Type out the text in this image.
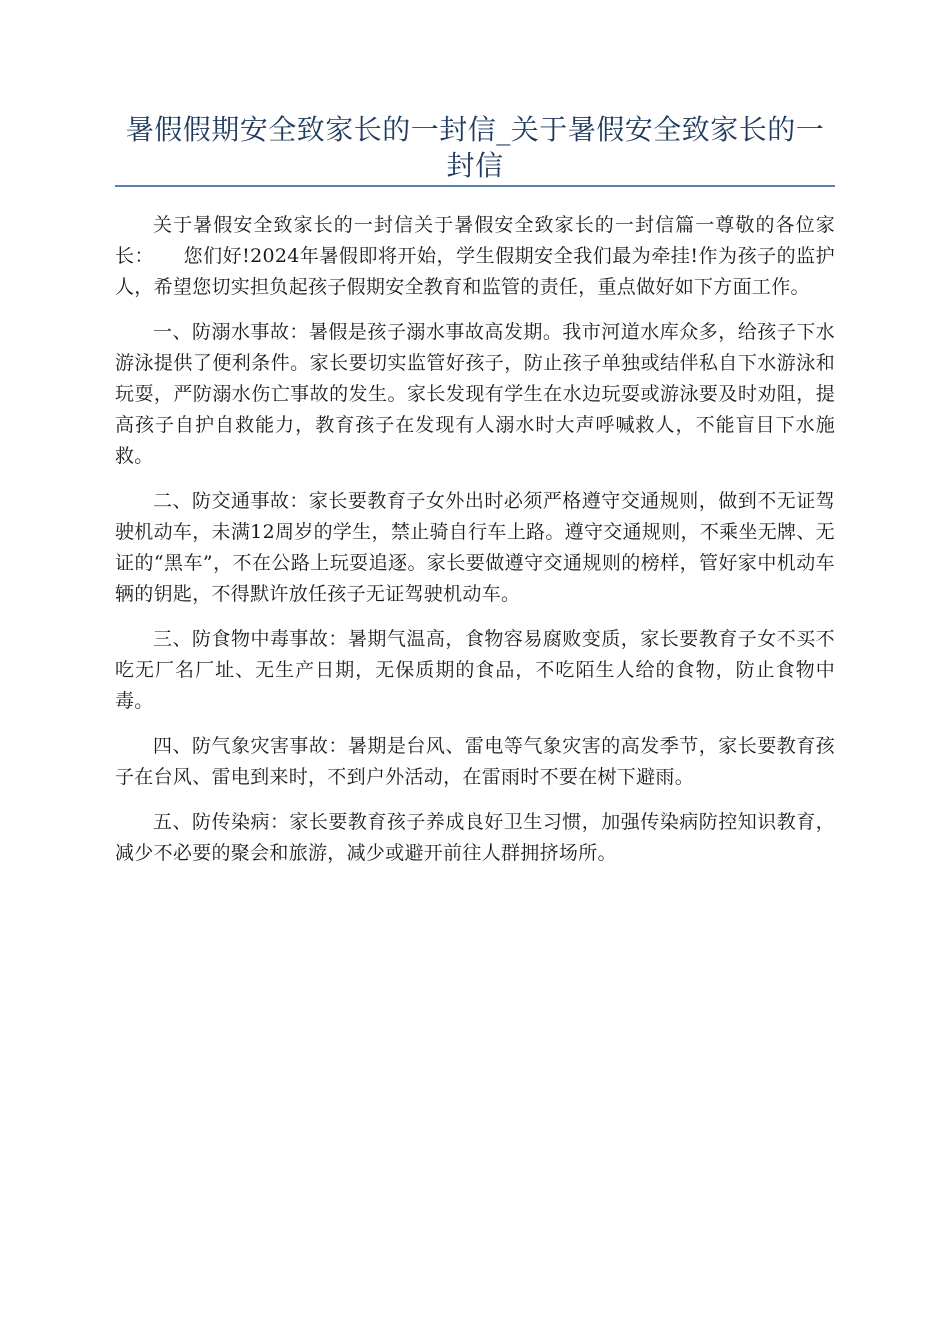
暑假假期安全致家长的一封信_关于暑假安全致家长的一封信

关于暑假安全致家长的一封信关于暑假安全致家长的一封信篇一尊敬的各位家长：　　您们好!2024年暑假即将开始，学生假期安全我们最为牵挂!作为孩子的监护人，希望您切实担负起孩子假期安全教育和监管的责任，重点做好如下方面工作。

一、防溺水事故：暑假是孩子溺水事故高发期。我市河道水库众多，给孩子下水游泳提供了便利条件。家长要切实监管好孩子，防止孩子单独或结伴私自下水游泳和玩耍，严防溺水伤亡事故的发生。家长发现有学生在水边玩耍或游泳要及时劝阻，提高孩子自护自救能力，教育孩子在发现有人溺水时大声呼喊救人，不能盲目下水施救。

二、防交通事故：家长要教育子女外出时必须严格遵守交通规则，做到不无证驾驶机动车，未满12周岁的学生，禁止骑自行车上路。遵守交通规则，不乘坐无牌、无证的“黑车”，不在公路上玩耍追逐。家长要做遵守交通规则的榜样，管好家中机动车辆的钥匙，不得默许放任孩子无证驾驶机动车。

三、防食物中毒事故：暑期气温高，食物容易腐败变质，家长要教育子女不买不吃无厂名厂址、无生产日期，无保质期的食品，不吃陌生人给的食物，防止食物中毒。

四、防气象灾害事故：暑期是台风、雷电等气象灾害的高发季节，家长要教育孩子在台风、雷电到来时，不到户外活动，在雷雨时不要在树下避雨。

五、防传染病：家长要教育孩子养成良好卫生习惯，加强传染病防控知识教育，减少不必要的聚会和旅游，减少或避开前往人群拥挤场所。
